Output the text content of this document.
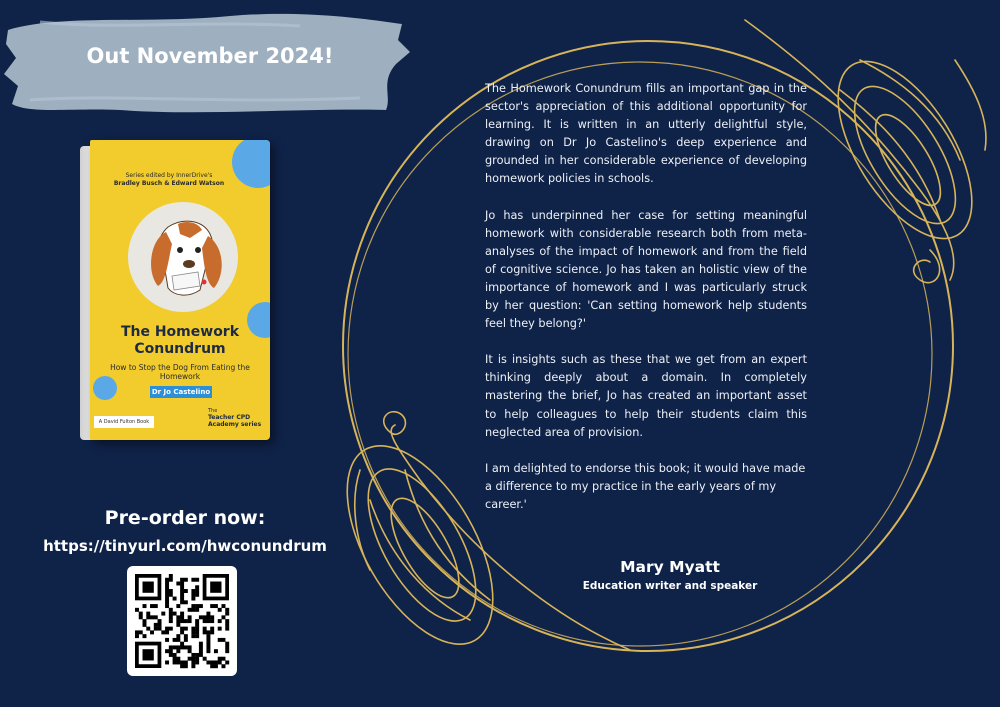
Out November 2024!
Series edited by InnerDrive's
Bradley Busch & Edward Watson
The Homework Conundrum
How to Stop the Dog From Eating the Homework
Dr Jo Castelino
A David Fulton Book
The
Teacher CPD
Academy series
Pre-order now:
https://tinyurl.com/hwconundrum

The Homework Conundrum fills an important gap in the sector's appreciation of this additional opportunity for learning. It is written in an utterly delightful style, drawing on Dr Jo Castelino's deep experience and grounded in her considerable experience of developing homework policies in schools.

Jo has underpinned her case for setting meaningful homework with considerable research both from meta-analyses of the impact of homework and from the field of cognitive science. Jo has taken an holistic view of the importance of homework and I was particularly struck by her question: 'Can setting homework help students feel they belong?'

It is insights such as these that we get from an expert thinking deeply about a domain. In completely mastering the brief, Jo has created an important asset to help colleagues to help their students claim this neglected area of provision.

I am delighted to endorse this book; it would have made a difference to my practice in the early years of my career.'

Mary Myatt
Education writer and speaker
